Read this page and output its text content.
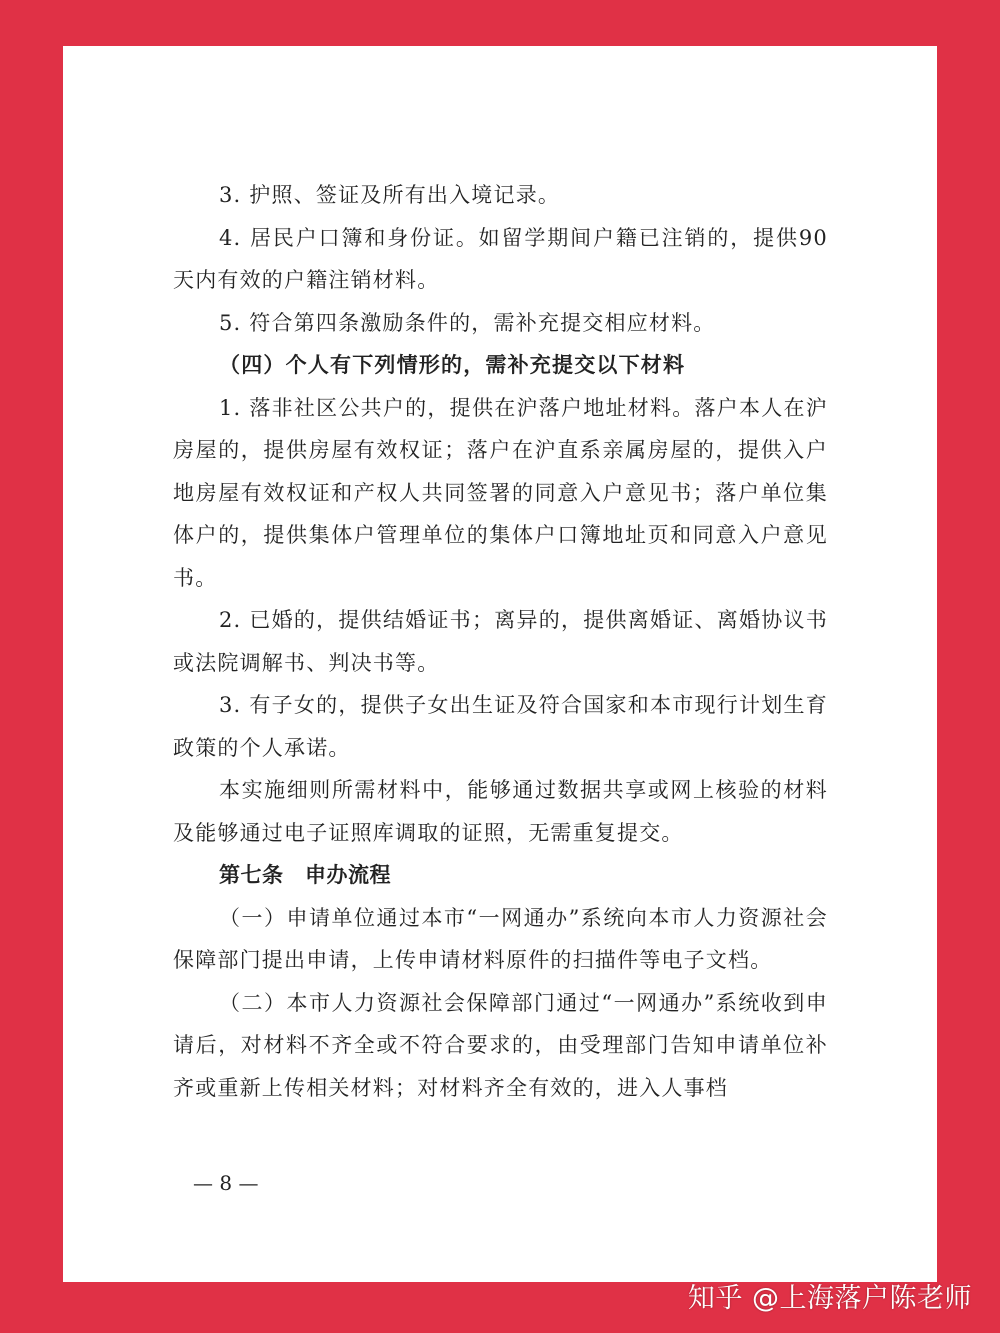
3. 护照、签证及所有出入境记录。

4. 居民户口簿和身份证。如留学期间户籍已注销的，提供90天内有效的户籍注销材料。

5. 符合第四条激励条件的，需补充提交相应材料。

（四）个人有下列情形的，需补充提交以下材料

1. 落非社区公共户的，提供在沪落户地址材料。落户本人在沪房屋的，提供房屋有效权证；落户在沪直系亲属房屋的，提供入户地房屋有效权证和产权人共同签署的同意入户意见书；落户单位集体户的，提供集体户管理单位的集体户口簿地址页和同意入户意见书。

2. 已婚的，提供结婚证书；离异的，提供离婚证、离婚协议书或法院调解书、判决书等。

3. 有子女的，提供子女出生证及符合国家和本市现行计划生育政策的个人承诺。

本实施细则所需材料中，能够通过数据共享或网上核验的材料及能够通过电子证照库调取的证照，无需重复提交。

第七条　申办流程

（一）申请单位通过本市“一网通办”系统向本市人力资源社会保障部门提出申请，上传申请材料原件的扫描件等电子文档。

（二）本市人力资源社会保障部门通过“一网通办”系统收到申请后，对材料不齐全或不符合要求的，由受理部门告知申请单位补齐或重新上传相关材料；对材料齐全有效的，进入人事档

— 8 —
知乎 @上海落户陈老师
